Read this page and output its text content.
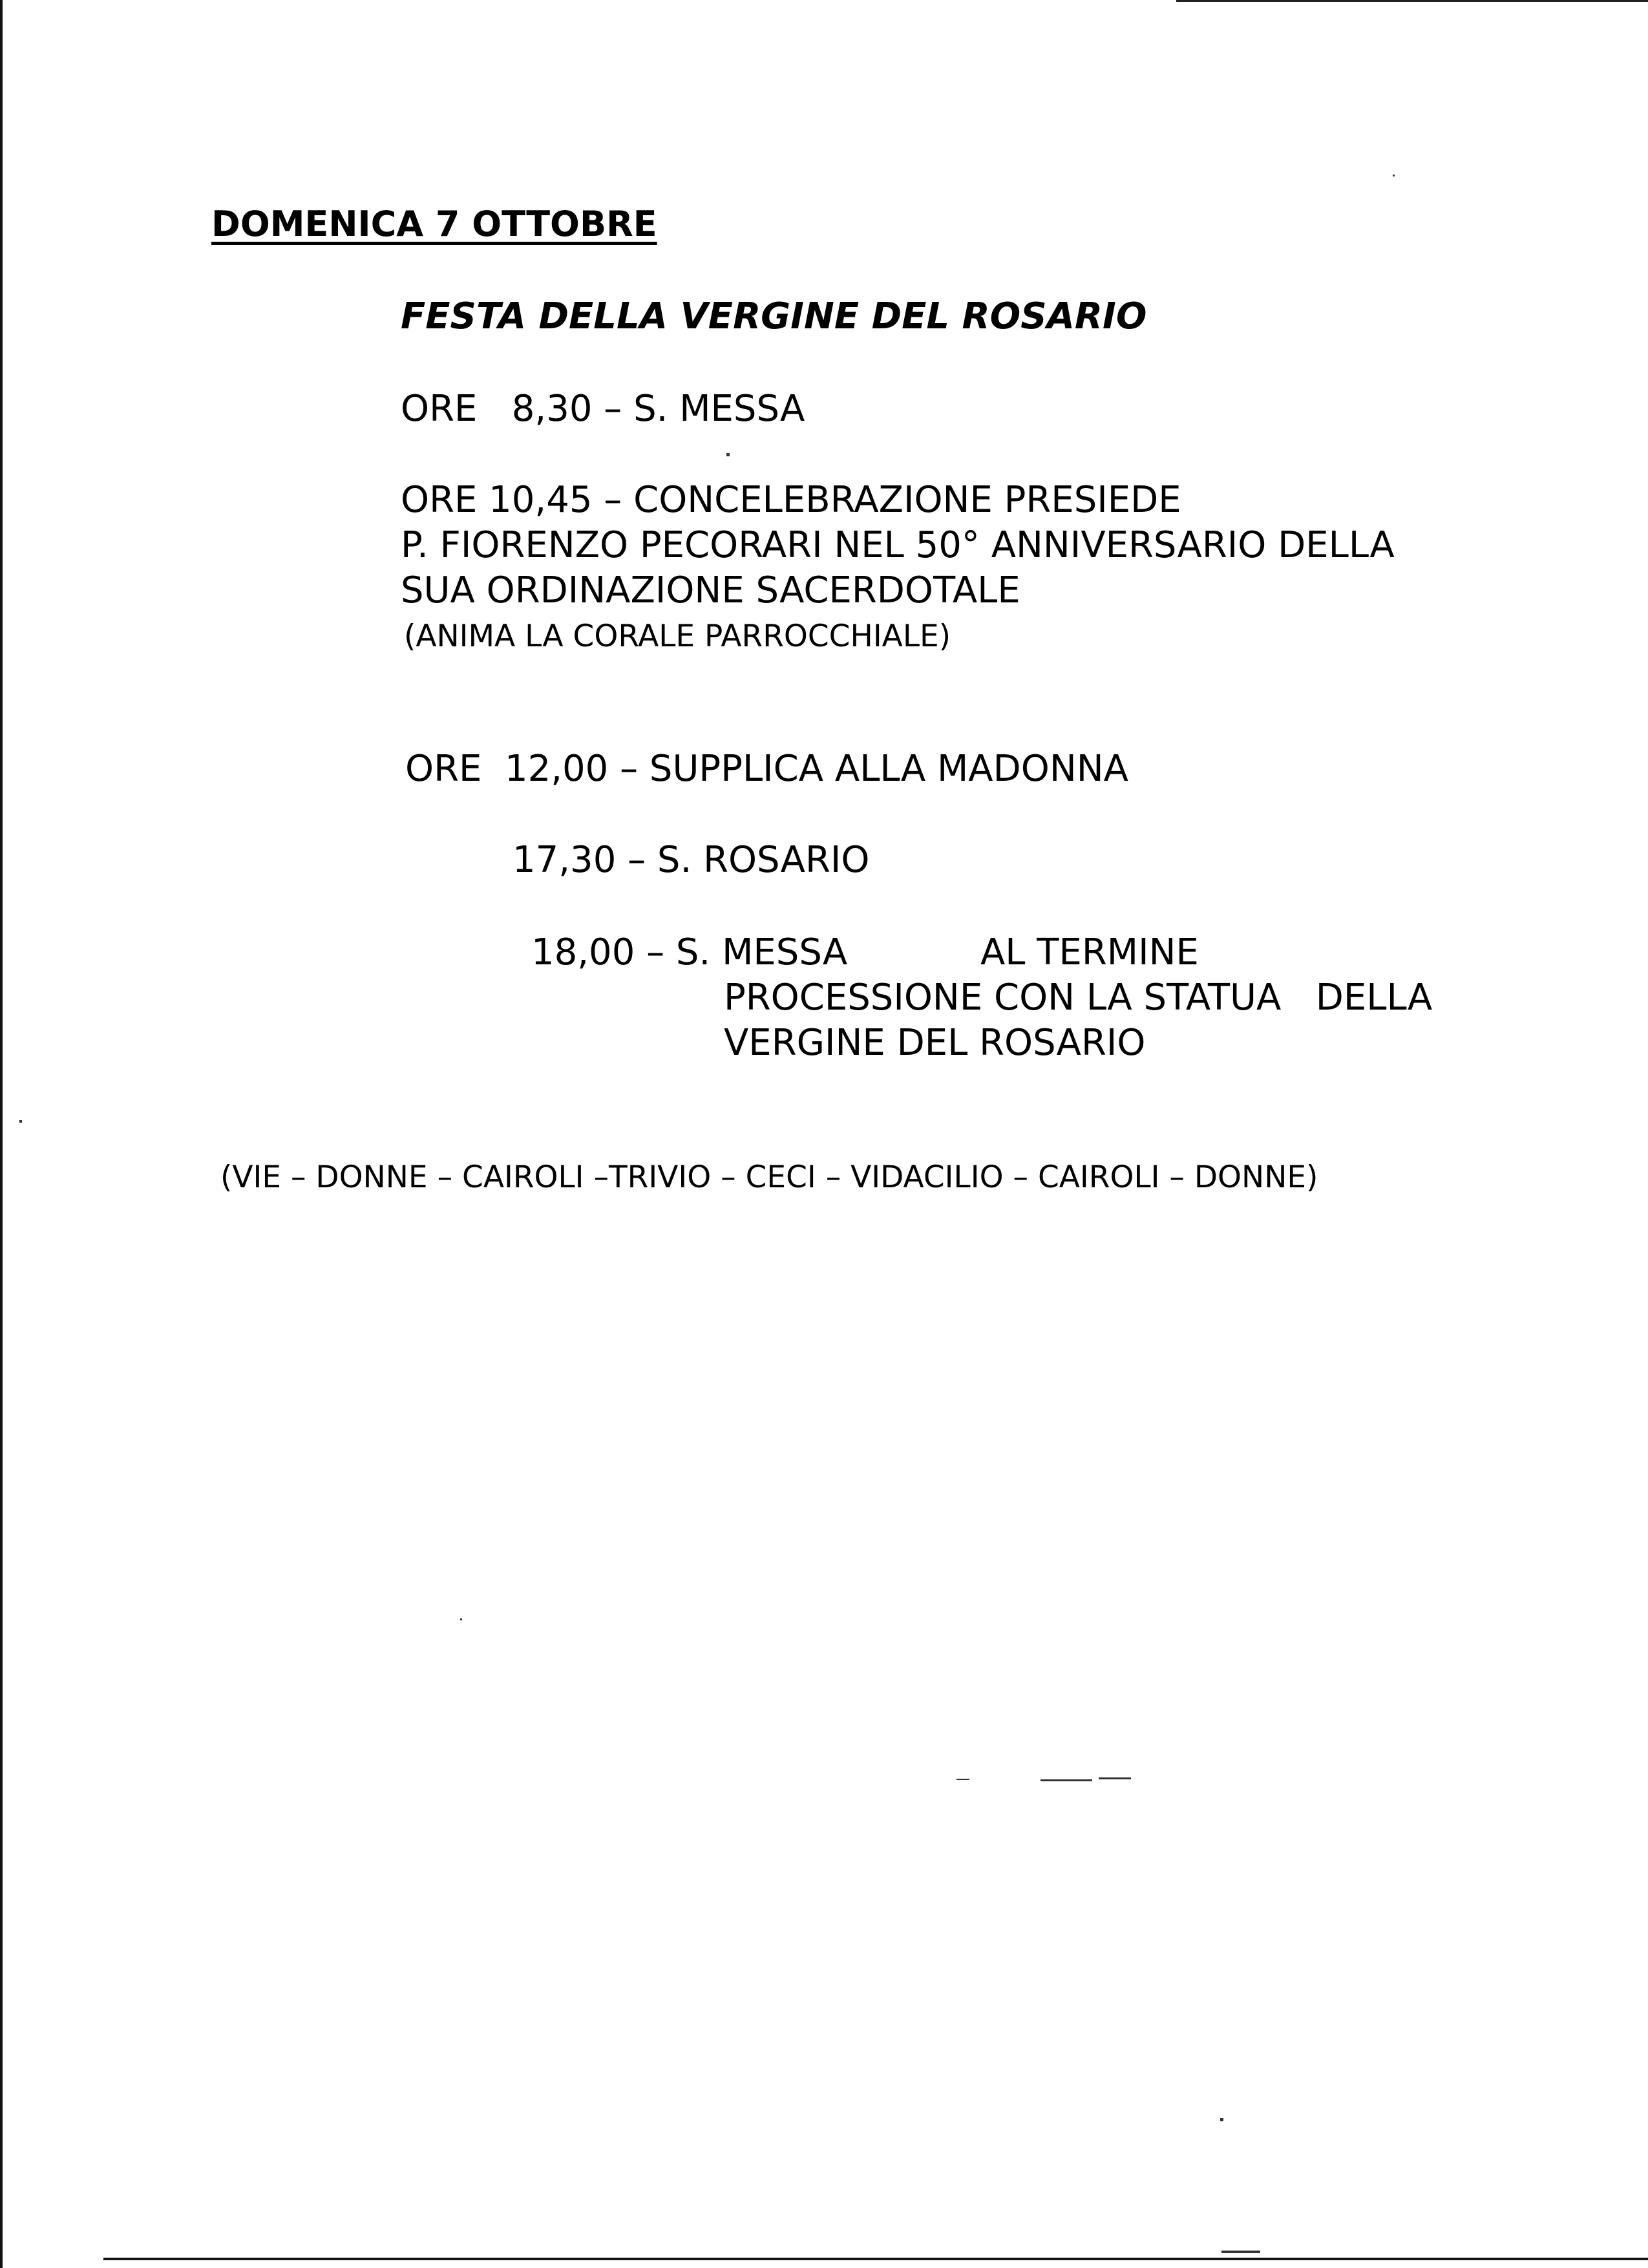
DOMENICA 7 OTTOBRE
FESTA DELLA VERGINE DEL ROSARIO
ORE   8,30 – S. MESSA
ORE 10,45 – CONCELEBRAZIONE PRESIEDE
P. FIORENZO PECORARI NEL 50° ANNIVERSARIO DELLA
SUA ORDINAZIONE SACERDOTALE
(ANIMA LA CORALE PARROCCHIALE)
ORE  12,00 – SUPPLICA ALLA MADONNA
17,30 – S. ROSARIO
18,00 – S. MESSA	AL TERMINE
PROCESSIONE CON LA STATUA   DELLA
VERGINE DEL ROSARIO
(VIE – DONNE – CAIROLI –TRIVIO – CECI – VIDACILIO – CAIROLI – DONNE)
